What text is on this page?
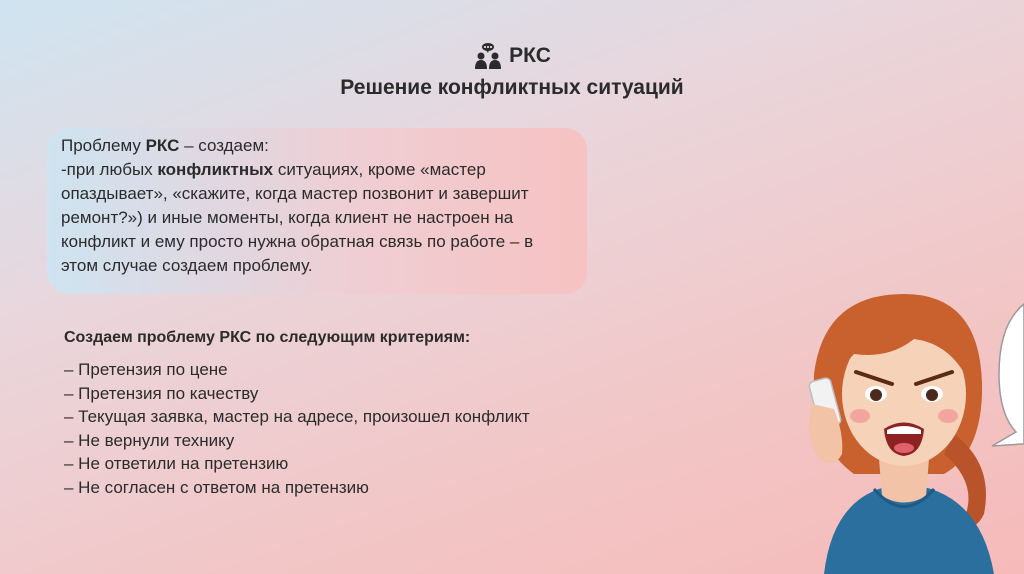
РКС
Решение конфликтных ситуаций

Проблему РКС – создаем:

-при любых конфликтных ситуациях, кроме «мастер опаздывает», «скажите, когда мастер позвонит и завершит ремонт?») и иные моменты, когда клиент не настроен на конфликт и ему просто нужна обратная связь по работе – в этом случае создаем проблему.

Создаем проблему РКС по следующим критериям:
– Претензия по цене
– Претензия по качеству
– Текущая заявка, мастер на адресе, произошел конфликт
– Не вернули технику
– Не ответили на претензию
– Не согласен с ответом на претензию
